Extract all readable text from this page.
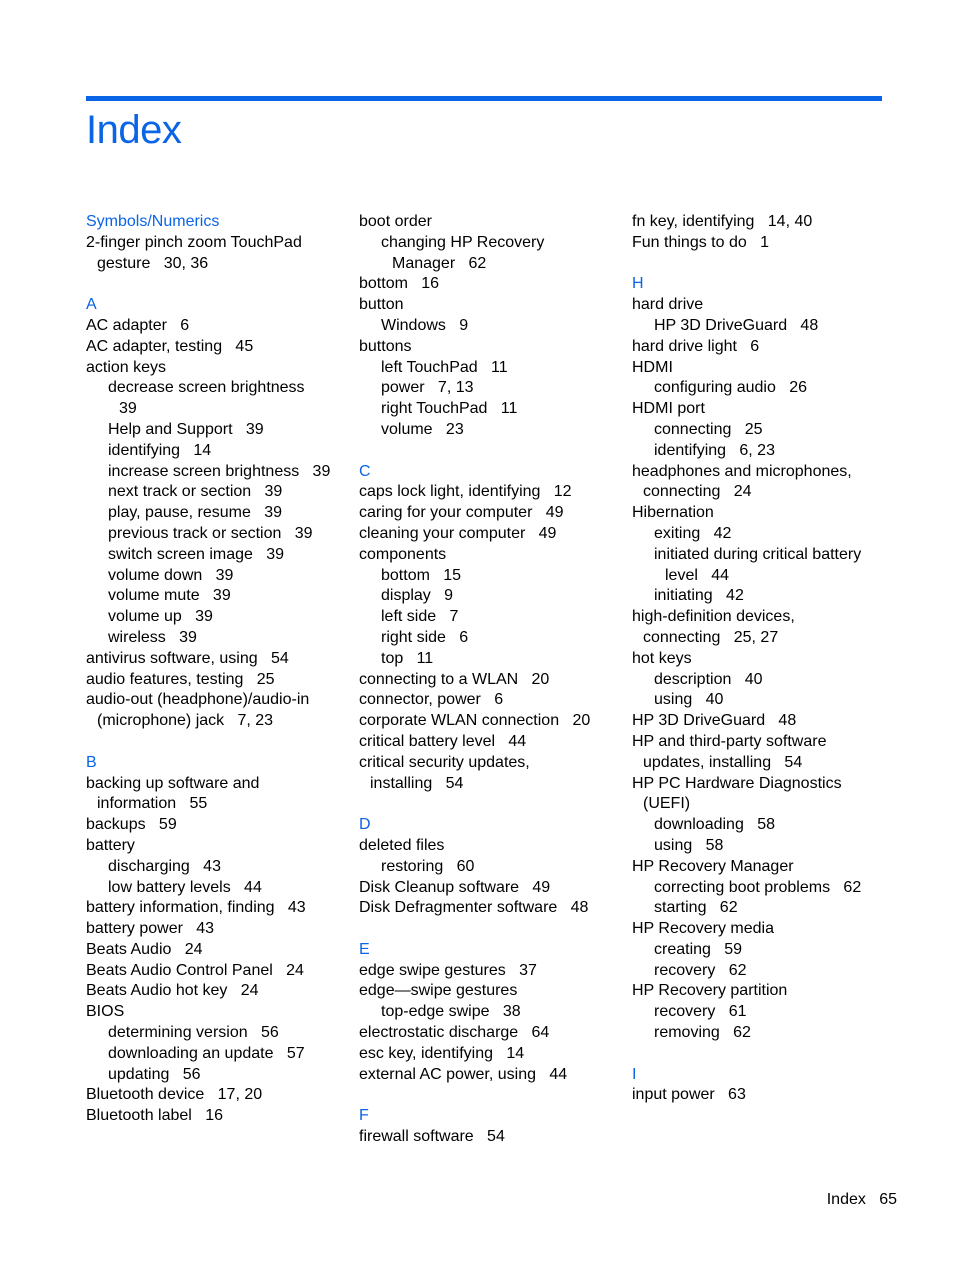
Index
Symbols/Numerics
2-finger pinch zoom TouchPad
gesture   30, 36
A
AC adapter   6
AC adapter, testing   45
action keys
decrease screen brightness
39
Help and Support   39
identifying   14
increase screen brightness   39
next track or section   39
play, pause, resume   39
previous track or section   39
switch screen image   39
volume down   39
volume mute   39
volume up   39
wireless   39
antivirus software, using   54
audio features, testing   25
audio-out (headphone)/audio-in
(microphone) jack   7, 23
B
backing up software and
information   55
backups   59
battery
discharging   43
low battery levels   44
battery information, finding   43
battery power   43
Beats Audio   24
Beats Audio Control Panel   24
Beats Audio hot key   24
BIOS
determining version   56
downloading an update   57
updating   56
Bluetooth device   17, 20
Bluetooth label   16
boot order
changing HP Recovery
Manager   62
bottom   16
button
Windows   9
buttons
left TouchPad   11
power   7, 13
right TouchPad   11
volume   23
C
caps lock light, identifying   12
caring for your computer   49
cleaning your computer   49
components
bottom   15
display   9
left side   7
right side   6
top   11
connecting to a WLAN   20
connector, power   6
corporate WLAN connection   20
critical battery level   44
critical security updates,
installing   54
D
deleted files
restoring   60
Disk Cleanup software   49
Disk Defragmenter software   48
E
edge swipe gestures   37
edge—swipe gestures
top-edge swipe   38
electrostatic discharge   64
esc key, identifying   14
external AC power, using   44
F
firewall software   54
fn key, identifying   14, 40
Fun things to do   1
H
hard drive
HP 3D DriveGuard   48
hard drive light   6
HDMI
configuring audio   26
HDMI port
connecting   25
identifying   6, 23
headphones and microphones,
connecting   24
Hibernation
exiting   42
initiated during critical battery
level   44
initiating   42
high-definition devices,
connecting   25, 27
hot keys
description   40
using   40
HP 3D DriveGuard   48
HP and third-party software
updates, installing   54
HP PC Hardware Diagnostics
(UEFI)
downloading   58
using   58
HP Recovery Manager
correcting boot problems   62
starting   62
HP Recovery media
creating   59
recovery   62
HP Recovery partition
recovery   61
removing   62
I
input power   63
Index 65
